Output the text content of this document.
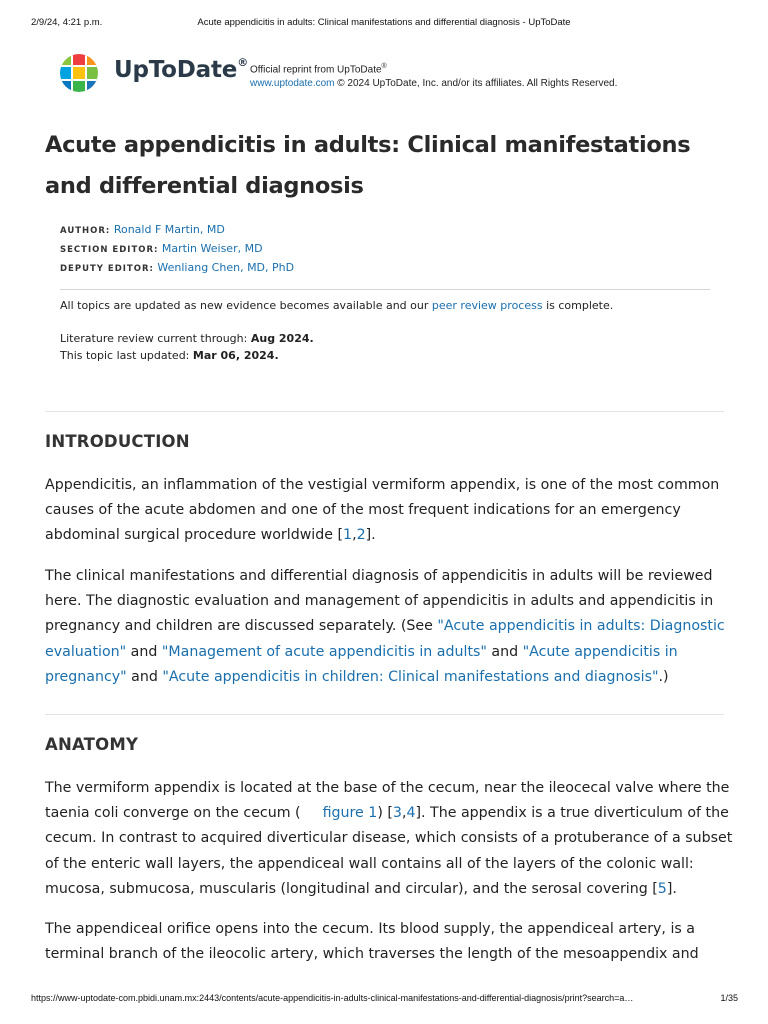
2/9/24, 4:21 p.m.	Acute appendicitis in adults: Clinical manifestations and differential diagnosis - UpToDate
UpToDate®
Official reprint from UpToDate®
www.uptodate.com © 2024 UpToDate, Inc. and/or its affiliates. All Rights Reserved.
Acute appendicitis in adults: Clinical manifestations and differential diagnosis
AUTHOR: Ronald F Martin, MD
SECTION EDITOR: Martin Weiser, MD
DEPUTY EDITOR: Wenliang Chen, MD, PhD
All topics are updated as new evidence becomes available and our peer review process is complete.
Literature review current through: Aug 2024.
This topic last updated: Mar 06, 2024.
INTRODUCTION

Appendicitis, an inflammation of the vestigial vermiform appendix, is one of the most common causes of the acute abdomen and one of the most frequent indications for an emergency abdominal surgical procedure worldwide [1,2].

The clinical manifestations and differential diagnosis of appendicitis in adults will be reviewed here. The diagnostic evaluation and management of appendicitis in adults and appendicitis in pregnancy and children are discussed separately. (See "Acute appendicitis in adults: Diagnostic evaluation" and "Management of acute appendicitis in adults" and "Acute appendicitis in pregnancy" and "Acute appendicitis in children: Clinical manifestations and diagnosis".)

ANATOMY

The vermiform appendix is located at the base of the cecum, near the ileocecal valve where the taenia coli converge on the cecum ( figure 1) [3,4]. The appendix is a true diverticulum of the cecum. In contrast to acquired diverticular disease, which consists of a protuberance of a subset of the enteric wall layers, the appendiceal wall contains all of the layers of the colonic wall: mucosa, submucosa, muscularis (longitudinal and circular), and the serosal covering [5].

The appendiceal orifice opens into the cecum. Its blood supply, the appendiceal artery, is a terminal branch of the ileocolic artery, which traverses the length of the mesoappendix and

https://www-uptodate-com.pbidi.unam.mx:2443/contents/acute-appendicitis-in-adults-clinical-manifestations-and-differential-diagnosis/print?search=a…	1/35
